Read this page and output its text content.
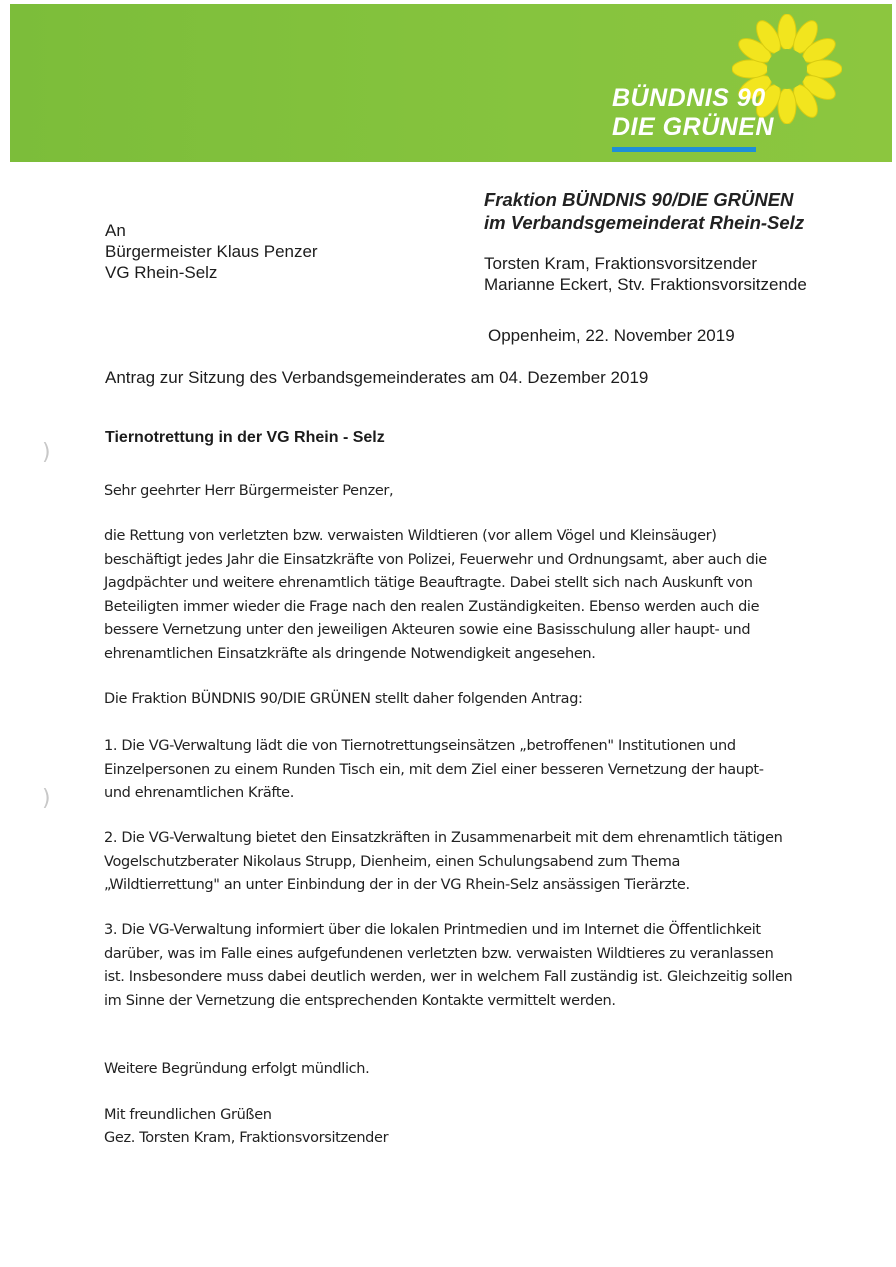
BÜNDNIS 90
DIE GRÜNEN
An
Bürgermeister Klaus Penzer
VG Rhein-Selz
Fraktion BÜNDNIS 90/DIE GRÜNEN
im Verbandsgemeinderat Rhein-Selz
Torsten Kram, Fraktionsvorsitzender
Marianne Eckert, Stv. Fraktionsvorsitzende
Oppenheim, 22. November 2019
Antrag zur Sitzung des Verbandsgemeinderates am 04. Dezember 2019
Tiernotrettung in der VG Rhein - Selz
Sehr geehrter Herr Bürgermeister Penzer,
die Rettung von verletzten bzw. verwaisten Wildtieren (vor allem Vögel und Kleinsäuger) beschäftigt jedes Jahr die Einsatzkräfte von Polizei, Feuerwehr und Ordnungsamt, aber auch die Jagdpächter und weitere ehrenamtlich tätige Beauftragte. Dabei stellt sich nach Auskunft von Beteiligten immer wieder die Frage nach den realen Zuständigkeiten. Ebenso werden auch die bessere Vernetzung unter den jeweiligen Akteuren sowie eine Basisschulung aller haupt- und ehrenamtlichen Einsatzkräfte als dringende Notwendigkeit angesehen.
Die Fraktion BÜNDNIS 90/DIE GRÜNEN stellt daher folgenden Antrag:
1. Die VG-Verwaltung lädt die von Tiernotrettungseinsätzen „betroffenen" Institutionen und Einzelpersonen zu einem Runden Tisch ein, mit dem Ziel einer besseren Vernetzung der haupt- und ehrenamtlichen Kräfte.
2. Die VG-Verwaltung bietet den Einsatzkräften in Zusammenarbeit mit dem ehrenamtlich tätigen Vogelschutzberater Nikolaus Strupp, Dienheim, einen Schulungsabend zum Thema „Wildtierrettung" an unter Einbindung der in der VG Rhein-Selz ansässigen Tierärzte.
3. Die VG-Verwaltung informiert über die lokalen Printmedien und im Internet die Öffentlichkeit darüber, was im Falle eines aufgefundenen verletzten bzw. verwaisten Wildtieres zu veranlassen ist. Insbesondere muss dabei deutlich werden, wer in welchem Fall zuständig ist. Gleichzeitig sollen im Sinne der Vernetzung die entsprechenden Kontakte vermittelt werden.
Weitere Begründung erfolgt mündlich.
Mit freundlichen Grüßen
Gez. Torsten Kram, Fraktionsvorsitzender
)
)
